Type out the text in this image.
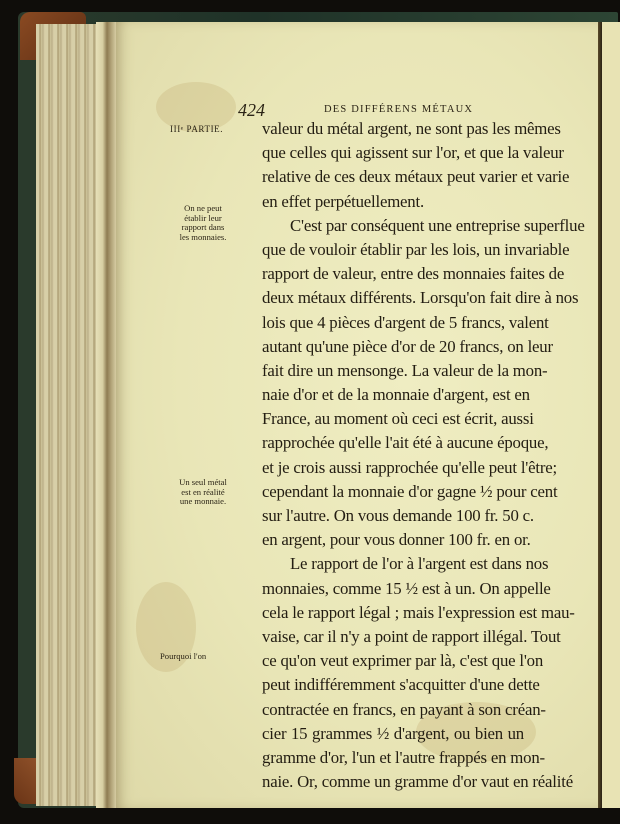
424	DES DIFFÉRENS MÉTAUX
IIIᵉ PARTIE.
On ne peut
établir leur
rapport dans
les monnaies.
Un seul métal
est en réalité
une monnaie.
Pourquoi l'on
valeur du métal argent, ne sont pas les mêmes
que celles qui agissent sur l'or, et que la valeur
relative de ces deux métaux peut varier et varie
en effet perpétuellement.
C'est par conséquent une entreprise superflue
que de vouloir établir par les lois, un invariable
rapport de valeur, entre des monnaies faites de
deux métaux différents. Lorsqu'on fait dire à nos
lois que 4 pièces d'argent de 5 francs, valent
autant qu'une pièce d'or de 20 francs, on leur
fait dire un mensonge. La valeur de la mon-
naie d'or et de la monnaie d'argent, est en
France, au moment où ceci est écrit, aussi
rapprochée qu'elle l'ait été à aucune époque,
et je crois aussi rapprochée qu'elle peut l'être;
cependant la monnaie d'or gagne ½ pour cent
sur l'autre. On vous demande 100 fr. 50 c.
en argent, pour vous donner 100 fr. en or.
Le rapport de l'or à l'argent est dans nos
monnaies, comme 15 ½ est à un. On appelle
cela le rapport légal ; mais l'expression est mau-
vaise, car il n'y a point de rapport illégal. Tout
ce qu'on veut exprimer par là, c'est que l'on
peut indifféremment s'acquitter d'une dette
contractée en francs, en payant à son créan-
cier 15 grammes ½ d'argent, ou bien un
gramme d'or, l'un et l'autre frappés en mon-
naie. Or, comme un gramme d'or vaut en réalité
